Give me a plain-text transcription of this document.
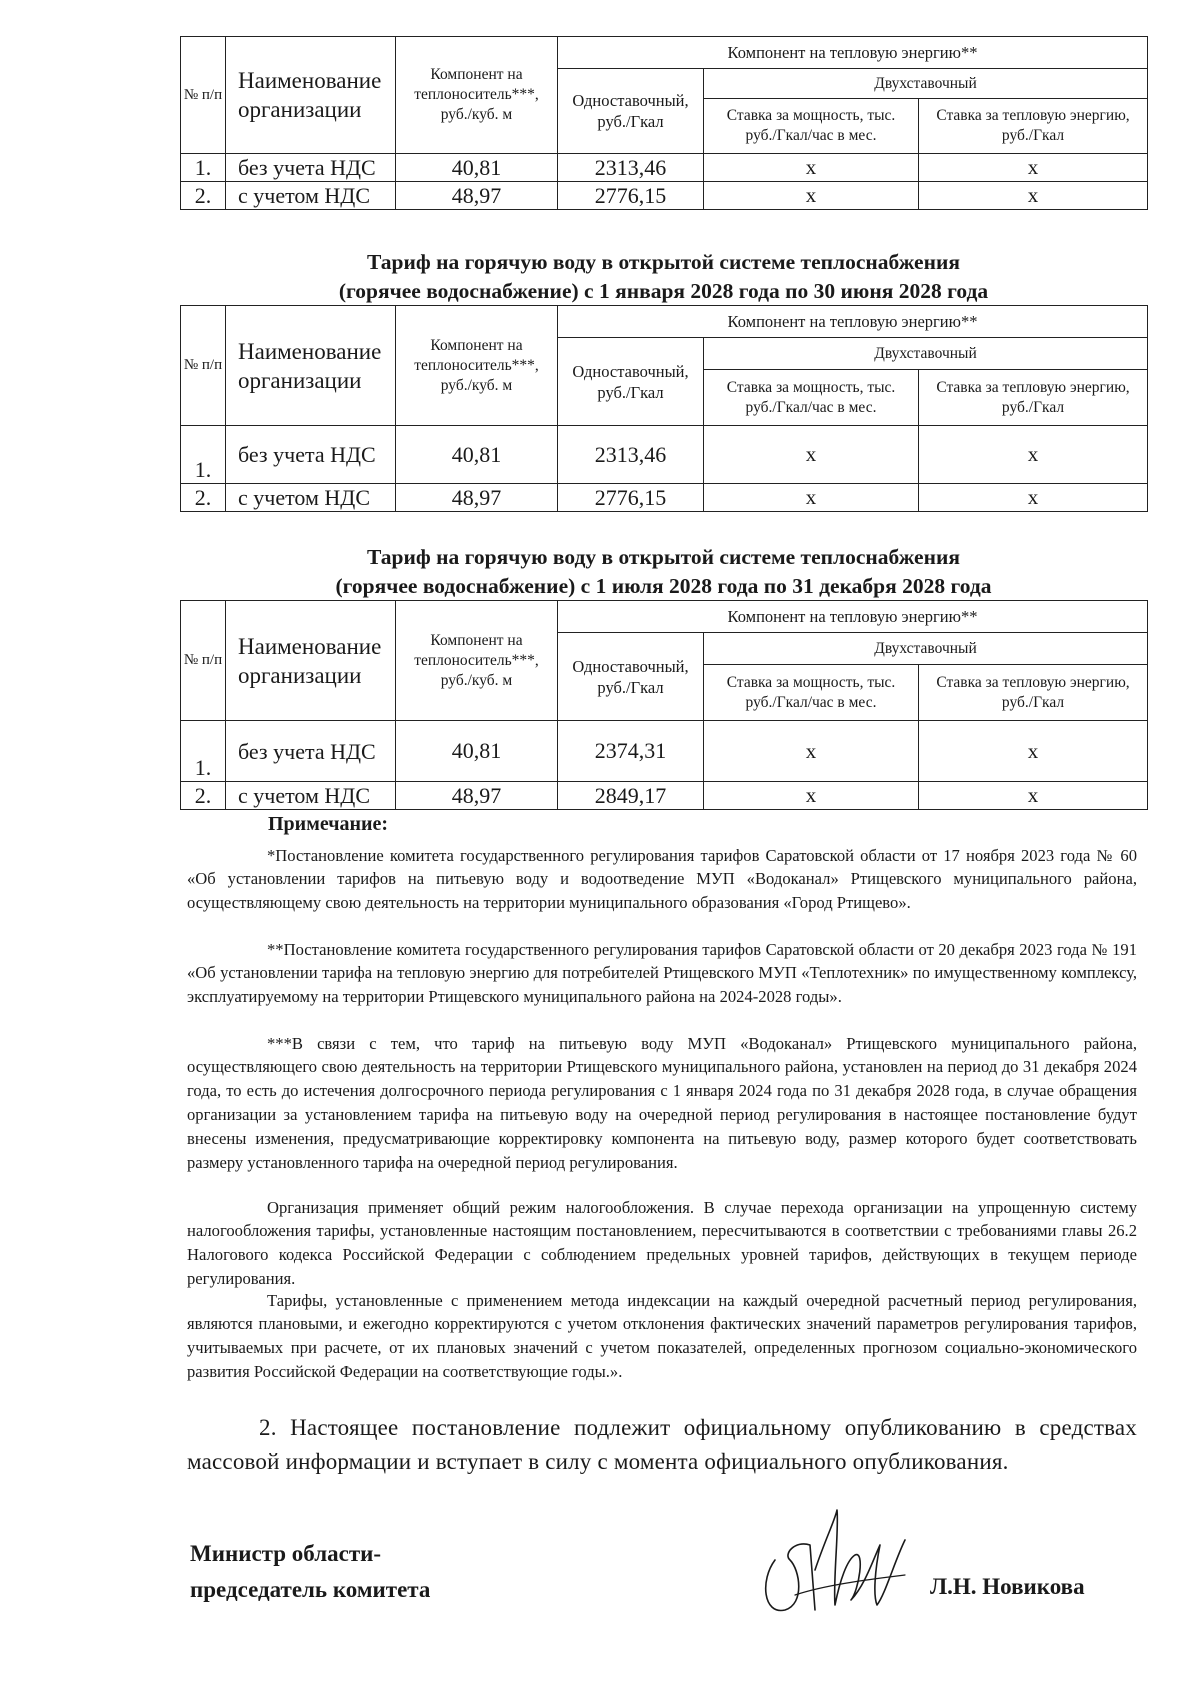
№ п/п	Наименование организации	Компонент на теплоноситель***, руб./куб. м	Компонент на тепловую энергию**		
			Одноставочный, руб./Гкал	Двухставочный	
				Ставка за мощность, тыс. руб./Гкал/час в мес.	Ставка за тепловую энергию, руб./Гкал
1.	без учета НДС	40,81	2313,46	x	x
2.	с учетом НДС	48,97	2776,15	x	x
Тариф на горячую воду в открытой системе теплоснабжения
(горячее водоснабжение) с 1 января 2028 года по 30 июня 2028 года
№ п/п	Наименование организации	Компонент на теплоноситель***, руб./куб. м	Компонент на тепловую энергию**		
			Одноставочный, руб./Гкал	Двухставочный	
				Ставка за мощность, тыс. руб./Гкал/час в мес.	Ставка за тепловую энергию, руб./Гкал
1.	без учета НДС	40,81	2313,46	x	x
2.	с учетом НДС	48,97	2776,15	x	x
Тариф на горячую воду в открытой системе теплоснабжения
(горячее водоснабжение) с 1 июля 2028 года по 31 декабря 2028 года
№ п/п	Наименование организации	Компонент на теплоноситель***, руб./куб. м	Компонент на тепловую энергию**		
			Одноставочный, руб./Гкал	Двухставочный	
				Ставка за мощность, тыс. руб./Гкал/час в мес.	Ставка за тепловую энергию, руб./Гкал
1.	без учета НДС	40,81	2374,31	x	x
2.	с учетом НДС	48,97	2849,17	x	x
Примечание:

*Постановление комитета государственного регулирования тарифов Саратовской области от 17 ноября 2023 года № 60 «Об установлении тарифов на питьевую воду и водоотведение МУП «Водоканал» Ртищевского муниципального района, осуществляющему свою деятельность на территории муниципального образования «Город Ртищево».

**Постановление комитета государственного регулирования тарифов Саратовской области от 20 декабря 2023 года № 191 «Об установлении тарифа на тепловую энергию для потребителей Ртищевского МУП «Теплотехник» по имущественному комплексу, эксплуатируемому на территории Ртищевского муниципального района на 2024-2028 годы».

***В связи с тем, что тариф на питьевую воду МУП «Водоканал» Ртищевского муниципального района, осуществляющего свою деятельность на территории Ртищевского муниципального района, установлен на период до 31 декабря 2024 года, то есть до истечения долгосрочного периода регулирования с 1 января 2024 года по 31 декабря 2028 года, в случае обращения организации за установлением тарифа на питьевую воду на очередной период регулирования в настоящее постановление будут внесены изменения, предусматривающие корректировку компонента на питьевую воду, размер которого будет соответствовать размеру установленного тарифа на очередной период регулирования.

Организация применяет общий режим налогообложения. В случае перехода организации на упрощенную систему налогообложения тарифы, установленные настоящим постановлением, пересчитываются в соответствии с требованиями главы 26.2 Налогового кодекса Российской Федерации с соблюдением предельных уровней тарифов, действующих в текущем периоде регулирования.

Тарифы, установленные с применением метода индексации на каждый очередной расчетный период регулирования, являются плановыми, и ежегодно корректируются с учетом отклонения фактических значений параметров регулирования тарифов, учитываемых при расчете, от их плановых значений с учетом показателей, определенных прогнозом социально-экономического развития Российской Федерации на соответствующие годы.».

2. Настоящее постановление подлежит официальному опубликованию в средствах массовой информации и вступает в силу с момента официального опубликования.

Министр области-
председатель комитета	Л.Н. Новикова
